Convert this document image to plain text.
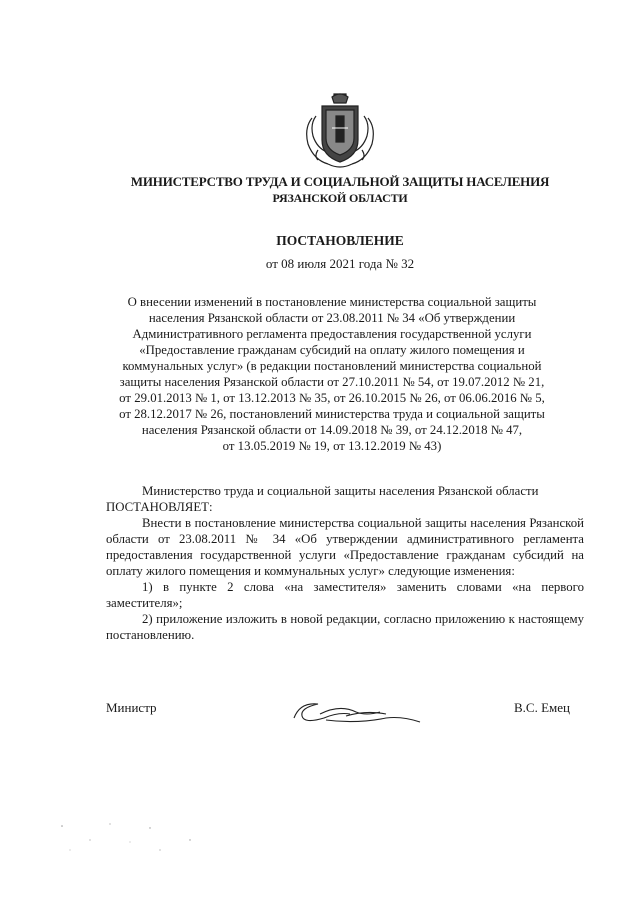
МИНИСТЕРСТВО ТРУДА И СОЦИАЛЬНОЙ ЗАЩИТЫ НАСЕЛЕНИЯ
РЯЗАНСКОЙ ОБЛАСТИ
ПОСТАНОВЛЕНИЕ
от 08 июля 2021 года № 32
О внесении изменений в постановление министерства социальной защиты
населения Рязанской области от 23.08.2011 № 34 «Об утверждении
Административного регламента предоставления государственной услуги
«Предоставление гражданам субсидий на оплату жилого помещения и
коммунальных услуг» (в редакции постановлений министерства социальной
защиты населения Рязанской области от 27.10.2011 № 54, от 19.07.2012 № 21,
от 29.01.2013 № 1, от 13.12.2013 № 35, от 26.10.2015 № 26, от 06.06.2016 № 5,
от 28.12.2017 № 26, постановлений министерства труда и социальной защиты
населения Рязанской области от 14.09.2018 № 39, от 24.12.2018 № 47,
от 13.05.2019 № 19, от 13.12.2019 № 43)

Министерство труда и социальной защиты населения Рязанской области

ПОСТАНОВЛЯЕТ:

Внести в постановление министерства социальной защиты населения Рязанской области от 23.08.2011 № 34 «Об утверждении административного регламента предоставления государственной услуги «Предоставление гражданам субсидий на оплату жилого помещения и коммунальных услуг» следующие изменения:

1) в пункте 2 слова «на заместителя» заменить словами «на первого заместителя»;

2) приложение изложить в новой редакции, согласно приложению к настоящему постановлению.

Министр	В.С. Емец
